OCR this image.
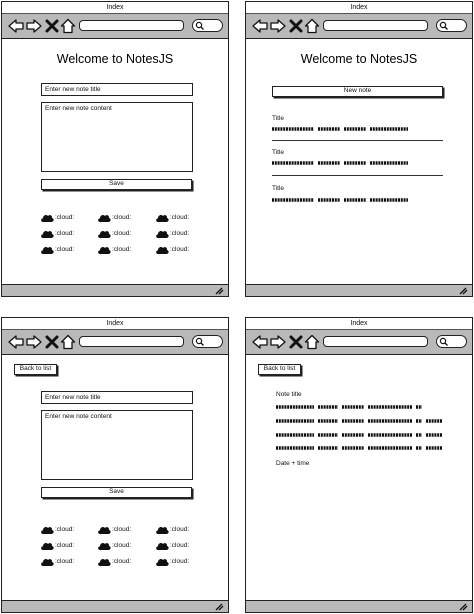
Index
Welcome to NotesJS
Enter new note title
Enter new note content
Save
:cloud:	:cloud:	:cloud:
:cloud:	:cloud:	:cloud:
:cloud:	:cloud:	:cloud:
Index
Welcome to NotesJS
New note
Title
Title
Title
Index
Back to list
Enter new note title
Enter new note content
Save
:cloud:	:cloud:	:cloud:
:cloud:	:cloud:	:cloud:
:cloud:	:cloud:	:cloud:
Index
Back to list
Note title
Date + time
